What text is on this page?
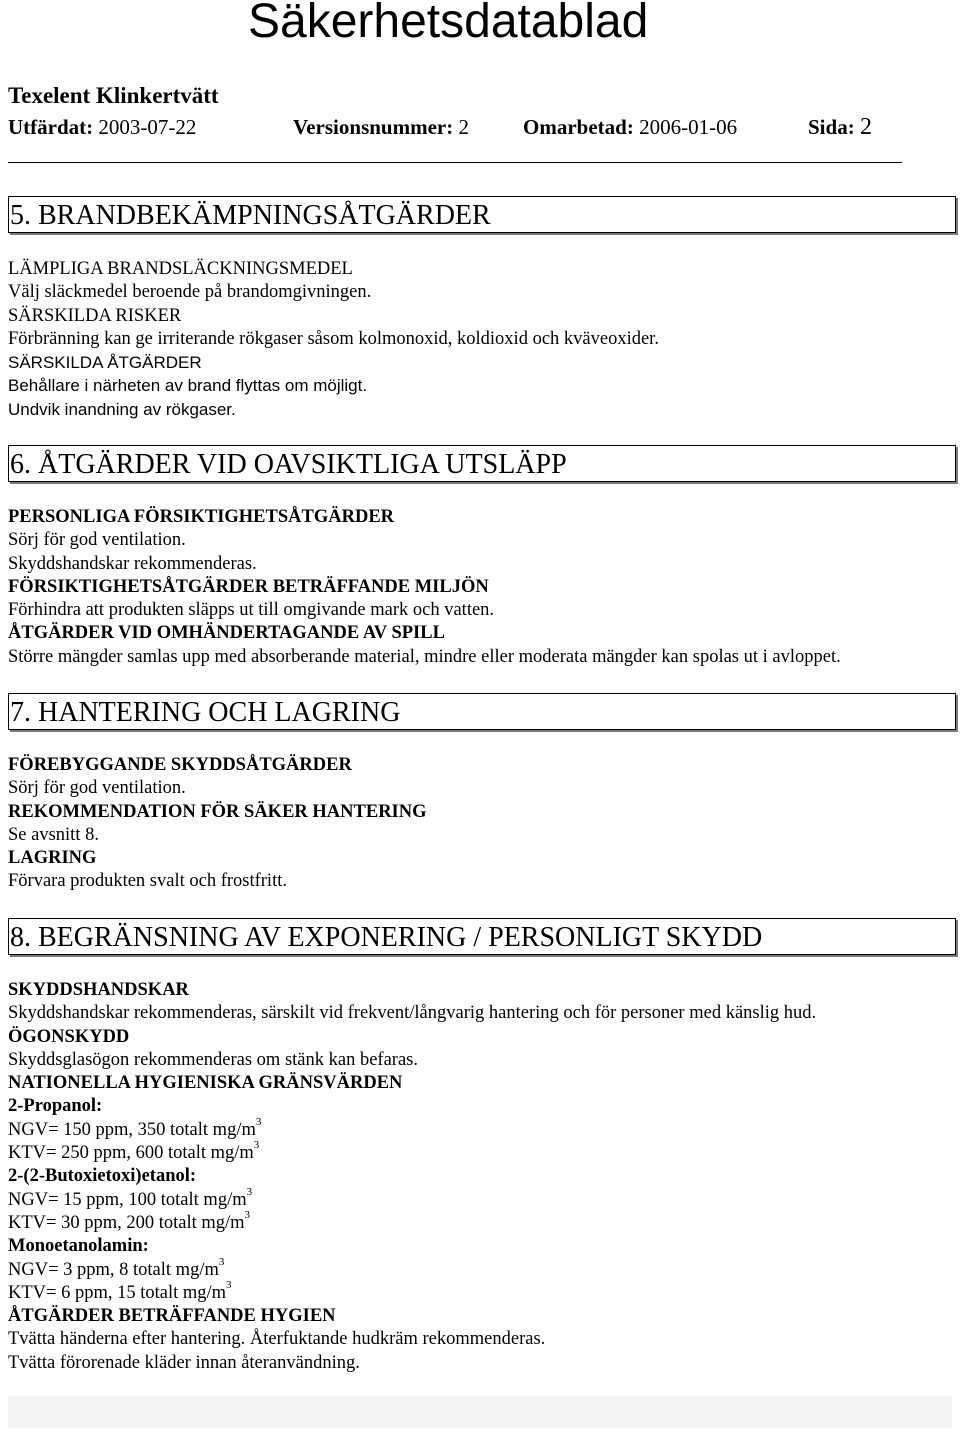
Säkerhetsdatablad
Texelent Klinkertvätt
Utfärdat: 2003-07-22	Versionsnummer: 2	Omarbetad: 2006-01-06	Sida: 2
5. BRANDBEKÄMPNINGSÅTGÄRDER
LÄMPLIGA BRANDSLÄCKNINGSMEDEL
Välj släckmedel beroende på brandomgivningen.
SÄRSKILDA RISKER
Förbränning kan ge irriterande rökgaser såsom kolmonoxid, koldioxid och kväveoxider.
SÄRSKILDA ÅTGÄRDER
Behållare i närheten av brand flyttas om möjligt.
Undvik inandning av rökgaser.
6. ÅTGÄRDER VID OAVSIKTLIGA UTSLÄPP
PERSONLIGA FÖRSIKTIGHETSÅTGÄRDER
Sörj för god ventilation.
Skyddshandskar rekommenderas.
FÖRSIKTIGHETSÅTGÄRDER BETRÄFFANDE MILJÖN
Förhindra att produkten släpps ut till omgivande mark och vatten.
ÅTGÄRDER VID OMHÄNDERTAGANDE AV SPILL
Större mängder samlas upp med absorberande material, mindre eller moderata mängder kan spolas ut i avloppet.
7. HANTERING OCH LAGRING
FÖREBYGGANDE SKYDDSÅTGÄRDER
Sörj för god ventilation.
REKOMMENDATION FÖR SÄKER HANTERING
Se avsnitt 8.
LAGRING
Förvara produkten svalt och frostfritt.
8. BEGRÄNSNING AV EXPONERING / PERSONLIGT SKYDD
SKYDDSHANDSKAR
Skyddshandskar rekommenderas, särskilt vid frekvent/långvarig hantering och för personer med känslig hud.
ÖGONSKYDD
Skyddsglasögon rekommenderas om stänk kan befaras.
NATIONELLA HYGIENISKA GRÄNSVÄRDEN
2-Propanol:
NGV= 150 ppm, 350 totalt $mg/m^3$
KTV= 250 ppm, 600 totalt $mg/m^3$
2-(2-Butoxietoxi)etanol:
NGV= 15 ppm, 100 totalt $mg/m^3$
KTV= 30 ppm, 200 totalt $mg/m^3$
Monoetanolamin:
NGV= 3 ppm, 8 totalt $mg/m^3$
KTV= 6 ppm, 15 totalt $mg/m^3$
ÅTGÄRDER BETRÄFFANDE HYGIEN
Tvätta händerna efter hantering. Återfuktande hudkräm rekommenderas.
Tvätta förorenade kläder innan återanvändning.
